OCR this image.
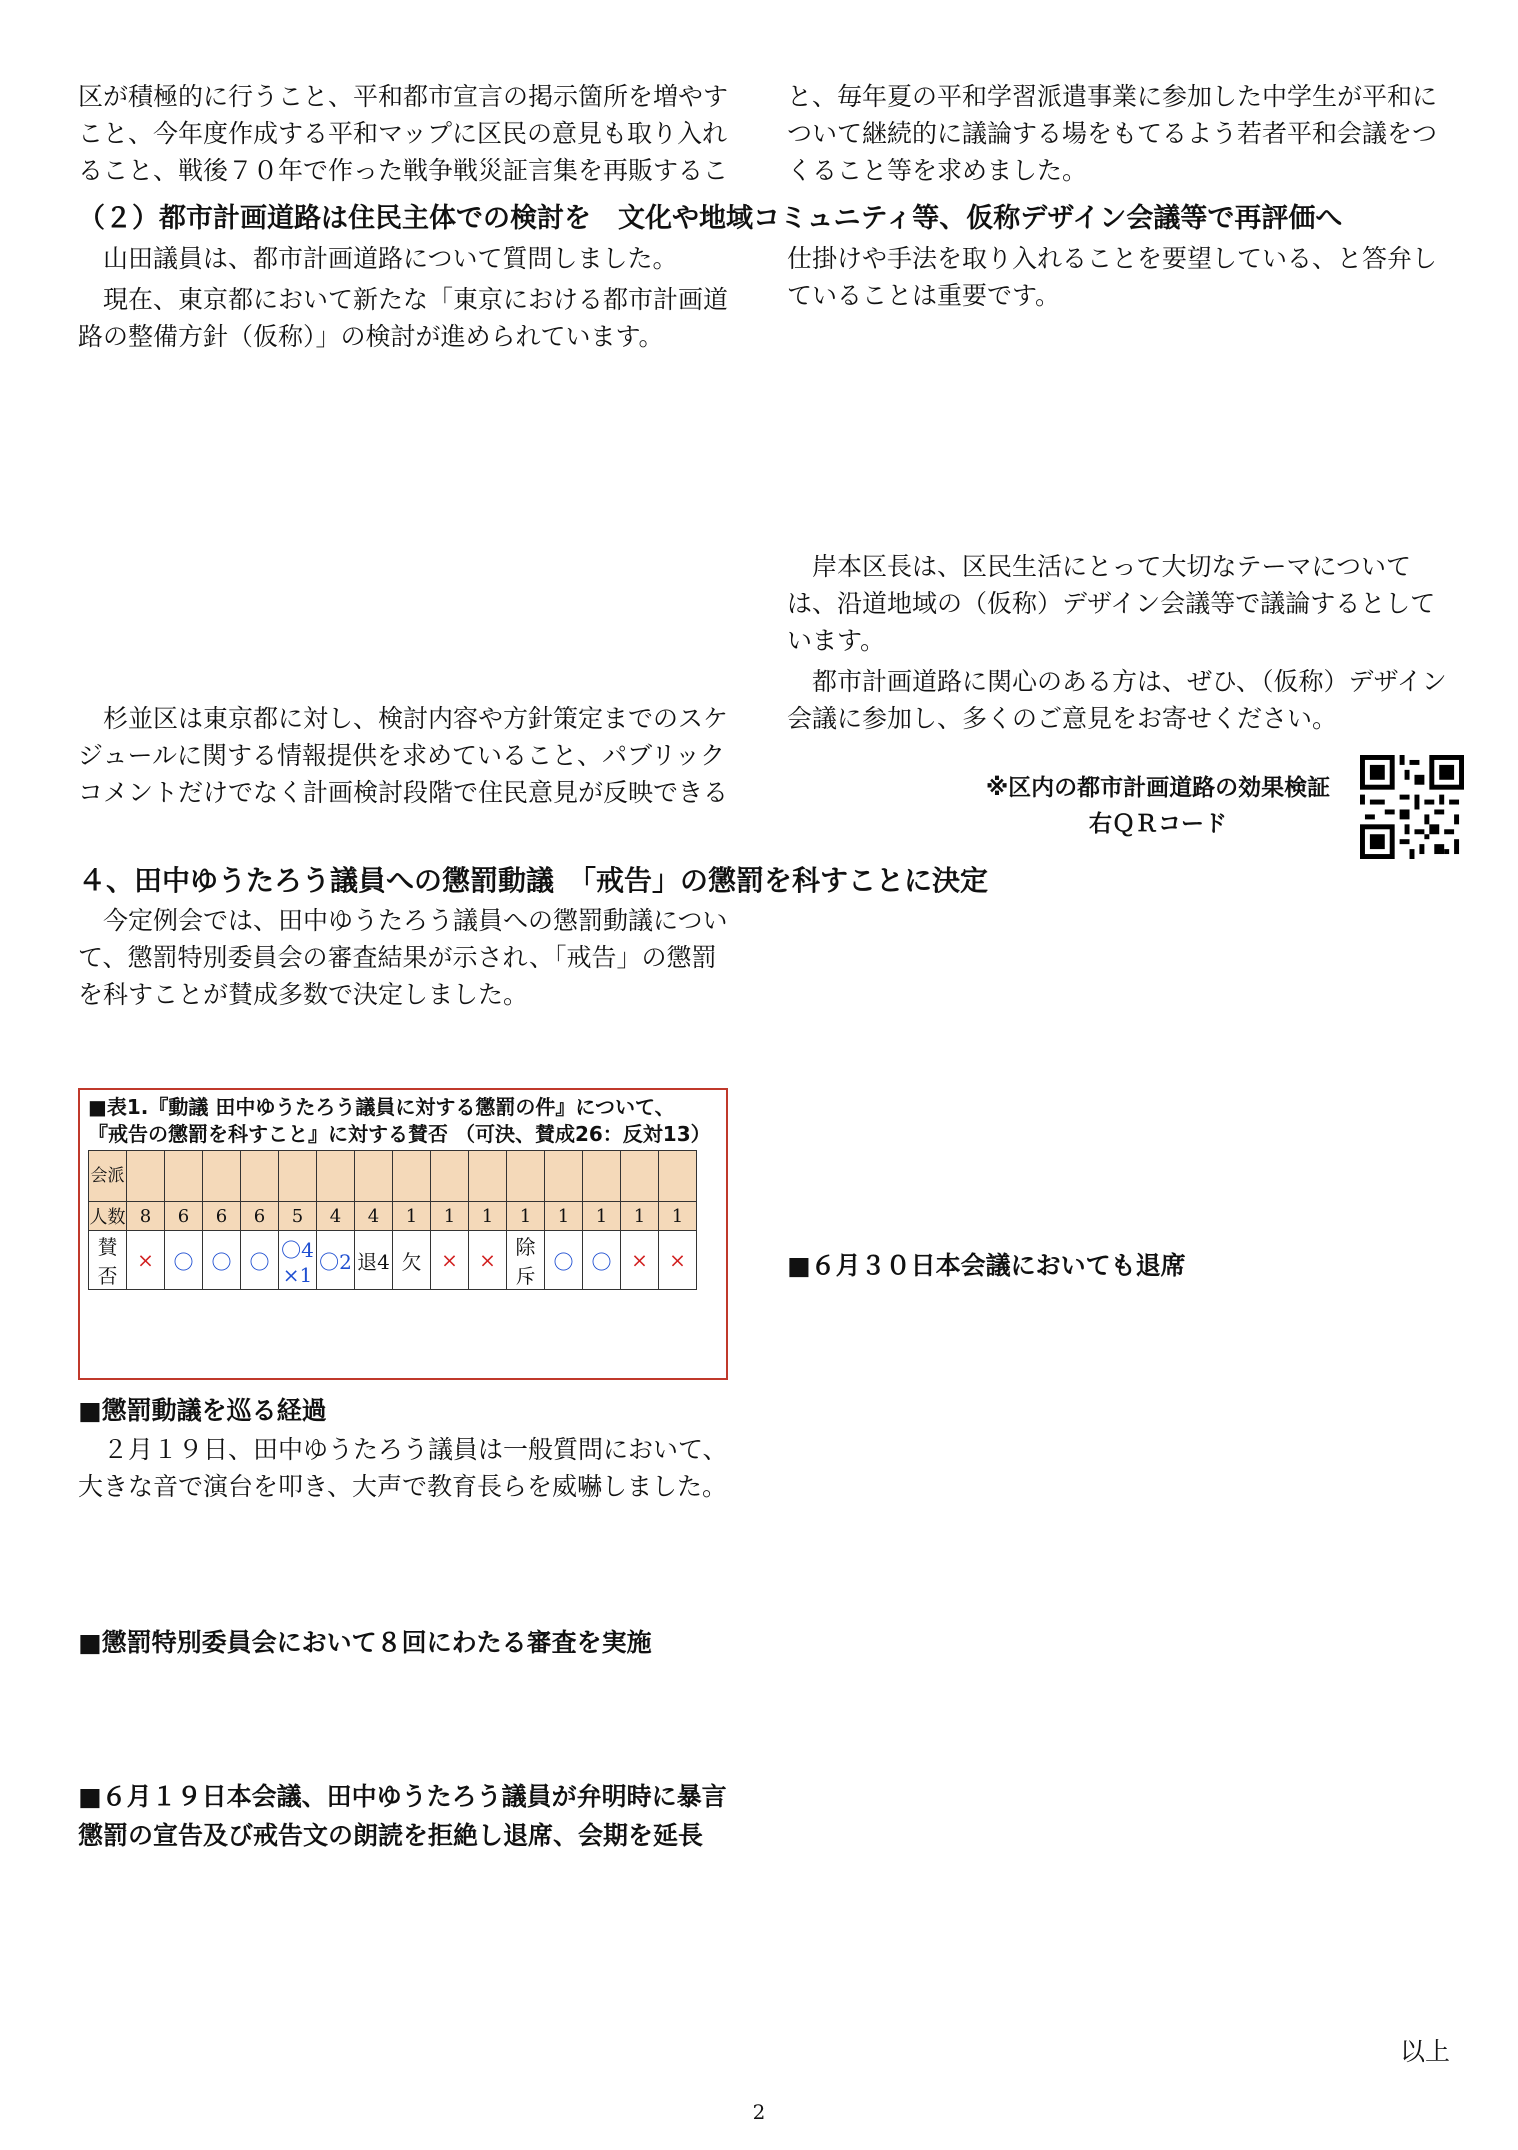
区が積極的に行うこと、平和都市宣言の掲示箇所を増やす
こと、今年度作成する平和マップに区民の意見も取り入れ
ること、戦後７０年で作った戦争戦災証言集を再販するこ
と、毎年夏の平和学習派遣事業に参加した中学生が平和に
ついて継続的に議論する場をもてるよう若者平和会議をつ
くること等を求めました。
（２）都市計画道路は住民主体での検討を　文化や地域コミュニティ等、仮称デザイン会議等で再評価へ

山田議員は、都市計画道路について質問しました。

現在、東京都において新たな「東京における都市計画道路の整備方針（仮称）」の検討が進められています。

杉並区は東京都に対し、検討内容や方針策定までのスケジュールに関する情報提供を求めていること、パブリックコメントだけでなく計画検討段階で住民意見が反映できる

仕掛けや手法を取り入れることを要望している、と答弁していることは重要です。

岸本区長は、区民生活にとって大切なテーマについては、沿道地域の（仮称）デザイン会議等で議論するとしています。

都市計画道路に関心のある方は、ぜひ、（仮称）デザイン会議に参加し、多くのご意見をお寄せください。

※区内の都市計画道路の効果検証
右ＱＲコード
４、田中ゆうたろう議員への懲罰動議　「戒告」の懲罰を科すことに決定

今定例会では、田中ゆうたろう議員への懲罰動議について、懲罰特別委員会の審査結果が示され、「戒告」の懲罰を科すことが賛成多数で決定しました。

■表1.『動議 田中ゆうたろう議員に対する懲罰の件』について、
『戒告の懲罰を科すこと』に対する賛否 （可決、賛成26：反対13）
会派															
人数	8	6	6	6	5	4	4	1	1	1	1	1	1	1	1
賛否	×	〇	〇	〇	〇4 ×1	〇2	退4	欠	×	×	除斥	〇	〇	×	×
■懲罰動議を巡る経過

２月１９日、田中ゆうたろう議員は一般質問において、大きな音で演台を叩き、大声で教育長らを威嚇しました。

■懲罰特別委員会において８回にわたる審査を実施

■６月１９日本会議、田中ゆうたろう議員が弁明時に暴言
懲罰の宣告及び戒告文の朗読を拒絶し退席、会期を延長

■６月３０日本会議においても退席

以上
2
